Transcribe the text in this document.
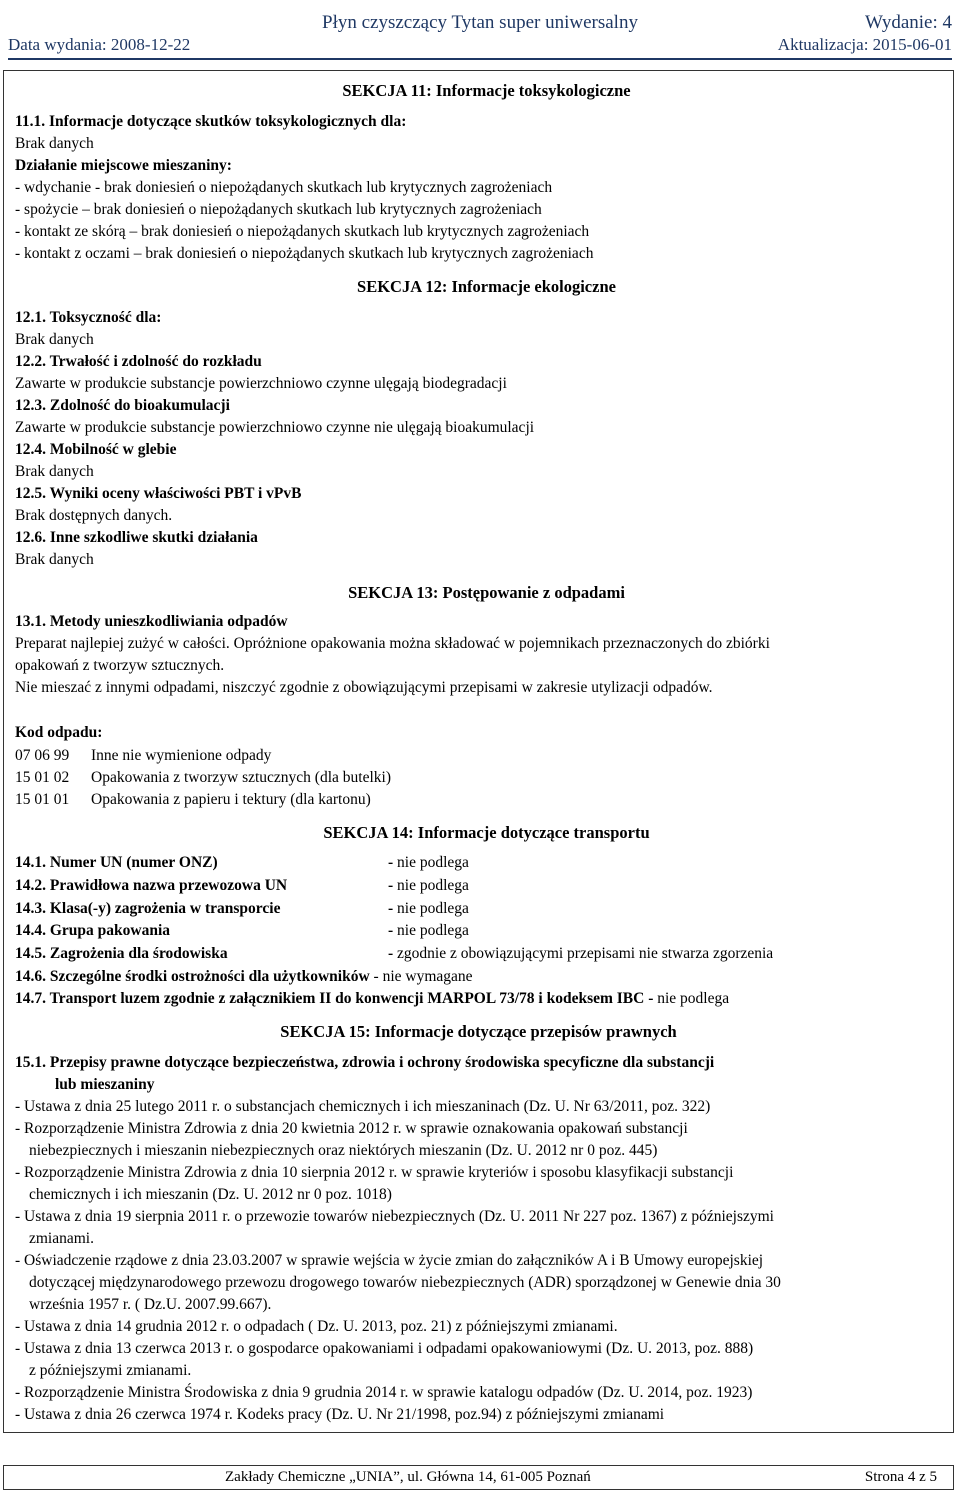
Płyn czyszczący Tytan super uniwersalny
Data wydania: 2008-12-22
Wydanie: 4
Aktualizacja: 2015-06-01
SEKCJA 11: Informacje toksykologiczne
11.1. Informacje dotyczące skutków toksykologicznych dla:
Brak danych
Działanie miejscowe mieszaniny:
- wdychanie - brak doniesień o niepożądanych skutkach lub krytycznych zagrożeniach
- spożycie – brak doniesień o niepożądanych skutkach lub krytycznych zagrożeniach
- kontakt ze skórą – brak doniesień o niepożądanych skutkach lub krytycznych zagrożeniach
- kontakt z oczami – brak doniesień o niepożądanych skutkach lub krytycznych zagrożeniach
SEKCJA 12: Informacje ekologiczne
12.1. Toksyczność dla:
Brak danych
12.2. Trwałość i zdolność do rozkładu
Zawarte w produkcie substancje powierzchniowo czynne ulęgają biodegradacji
12.3. Zdolność do bioakumulacji
Zawarte w produkcie substancje powierzchniowo czynne nie ulęgają bioakumulacji
12.4. Mobilność w glebie
Brak danych
12.5. Wyniki oceny właściwości PBT i vPvB
Brak dostępnych danych.
12.6. Inne szkodliwe skutki działania
Brak danych
SEKCJA 13: Postępowanie z odpadami
13.1. Metody unieszkodliwiania odpadów
Preparat najlepiej zużyć w całości. Opróżnione opakowania można składować w pojemnikach przeznaczonych do zbiórki
opakowań z tworzyw sztucznych.
Nie mieszać z innymi odpadami, niszczyć zgodnie z obowiązującymi przepisami w zakresie utylizacji odpadów.
Kod odpadu:
07 06 99 Inne nie wymienione odpady
15 01 02 Opakowania z tworzyw sztucznych (dla butelki)
15 01 01 Opakowania z papieru i tektury (dla kartonu)
SEKCJA 14: Informacje dotyczące transportu
14.1. Numer UN (numer ONZ)	- nie podlega
14.2. Prawidłowa nazwa przewozowa UN	- nie podlega
14.3. Klasa(-y) zagrożenia w transporcie	- nie podlega
14.4. Grupa pakowania	- nie podlega
14.5. Zagrożenia dla środowiska	- zgodnie z obowiązującymi przepisami nie stwarza zgorzenia
14.6. Szczególne środki ostrożności dla użytkowników - nie wymagane
14.7. Transport luzem zgodnie z załącznikiem II do konwencji MARPOL 73/78 i kodeksem IBC - nie podlega
SEKCJA 15: Informacje dotyczące przepisów prawnych
15.1. Przepisy prawne dotyczące bezpieczeństwa, zdrowia i ochrony środowiska specyficzne dla substancji
lub mieszaniny
- Ustawa z dnia 25 lutego 2011 r. o substancjach chemicznych i ich mieszaninach (Dz. U. Nr 63/2011, poz. 322)
- Rozporządzenie Ministra Zdrowia z dnia 20 kwietnia 2012 r. w sprawie oznakowania opakowań substancji
niebezpiecznych i mieszanin niebezpiecznych oraz niektórych mieszanin (Dz. U. 2012 nr 0 poz. 445)
- Rozporządzenie Ministra Zdrowia z dnia 10 sierpnia 2012 r. w sprawie kryteriów i sposobu klasyfikacji substancji
chemicznych i ich mieszanin (Dz. U. 2012 nr 0 poz. 1018)
- Ustawa z dnia 19 sierpnia 2011 r. o przewozie towarów niebezpiecznych (Dz. U. 2011 Nr 227 poz. 1367) z późniejszymi
zmianami.
- Oświadczenie rządowe z dnia 23.03.2007 w sprawie wejścia w życie zmian do załączników A i B Umowy europejskiej
dotyczącej międzynarodowego przewozu drogowego towarów niebezpiecznych (ADR) sporządzonej w Genewie dnia 30
września 1957 r. ( Dz.U. 2007.99.667).
- Ustawa z dnia 14 grudnia 2012 r. o odpadach ( Dz. U. 2013, poz. 21) z późniejszymi zmianami.
- Ustawa z dnia 13 czerwca 2013 r. o gospodarce opakowaniami i odpadami opakowaniowymi (Dz. U. 2013, poz. 888)
z późniejszymi zmianami.
- Rozporządzenie Ministra Środowiska z dnia 9 grudnia 2014 r. w sprawie katalogu odpadów (Dz. U. 2014, poz. 1923)
- Ustawa z dnia 26 czerwca 1974 r. Kodeks pracy (Dz. U. Nr 21/1998, poz.94) z późniejszymi zmianami
Zakłady Chemiczne „UNIA”, ul. Główna 14, 61-005 Poznań	Strona 4 z 5
